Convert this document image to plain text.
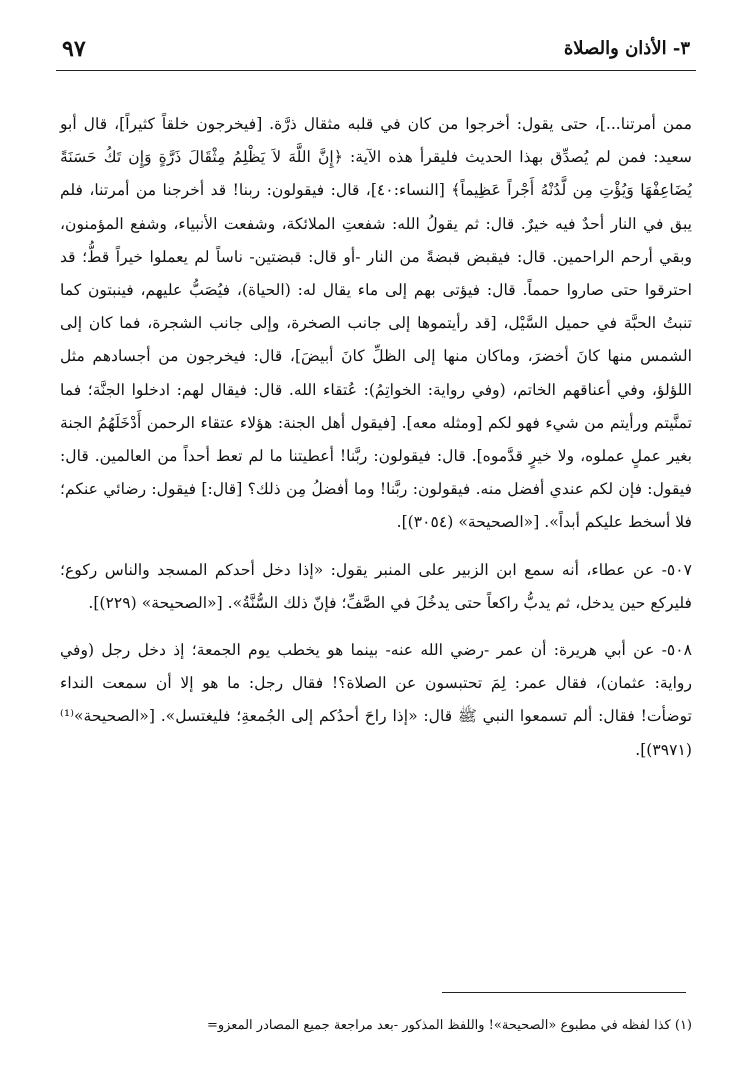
٩٧	٣- الأذان والصلاة

ممن أمرتنا...]، حتى يقول: أخرجوا من كان في قلبه مثقال ذرَّة. [فيخرجون خلقاً كثيراً]، قال أبو سعيد: فمن لم يُصدِّق بهذا الحديث فليقرأ هذه الآية: ﴿إِنَّ اللَّهَ لاَ يَظْلِمُ مِثْقَالَ ذَرَّةٍ وَإِن تَكُ حَسَنَةً يُضَاعِفْهَا وَيُؤْتِ مِن لَّدُنْهُ أَجْراً عَظِيماً﴾ [النساء:٤٠]، قال: فيقولون: ربنا! قد أخرجنا من أمرتنا، فلم يبق في النار أحدٌ فيه خيرٌ. قال: ثم يقولُ الله: شفعتِ الملائكة، وشفعت الأنبياء، وشفع المؤمنون، وبقي أرحم الراحمين. قال: فيقبض قبضةً من النار -أو قال: قبضتين- ناساً لم يعملوا خيراً قطُّ؛ قد احترقوا حتى صاروا حمماً. قال: فيؤتى بهم إلى ماء يقال له: (الحياة)، فيُصَبُّ عليهم، فينبتون كما تنبتُ الحبَّة في حميل السَّيْل، [قد رأيتموها إلى جانب الصخرة، وإلى جانب الشجرة، فما كان إلى الشمس منها كانَ أخضرَ، وماكان منها إلى الظلِّ كانَ أبيضَ]، قال: فيخرجون من أجسادهم مثل اللؤلؤ، وفي أعناقهم الخاتم، (وفي رواية: الخواتِمُ): عُتقاء الله. قال: فيقال لهم: ادخلوا الجنَّة؛ فما تمنَّيتم ورأيتم من شيء فهو لكم [ومثله معه]. [فيقول أهل الجنة: هؤلاء عتقاء الرحمن أَدْخَلَهُمُ الجنة بغير عملٍ عملوه، ولا خيرٍ قدَّموه]. قال: فيقولون: ربَّنا! أعطيتنا ما لم تعط أحداً من العالمين. قال: فيقول: فإن لكم عندي أفضل منه. فيقولون: ربَّنا! وما أفضلُ مِن ذلك؟ [قال:] فيقول: رضائي عنكم؛ فلا أسخط عليكم أبداً». [«الصحيحة» (٣٠٥٤)].

٥٠٧- عن عطاء، أنه سمع ابن الزبير على المنبر يقول: «إذا دخل أحدكم المسجد والناس ركوع؛ فليركع حين يدخل، ثم يدبُّ راكعاً حتى يدخُلَ في الصَّفِّ؛ فإنّ ذلك السُّنَّةُ». [«الصحيحة» (٢٢٩)].

٥٠٨- عن أبي هريرة: أن عمر -رضي الله عنه- بينما هو يخطب يوم الجمعة؛ إذ دخل رجل (وفي رواية: عثمان)، فقال عمر: لِمَ تحتبسون عن الصلاة؟! فقال رجل: ما هو إلا أن سمعت النداء توضأت! فقال: ألم تسمعوا النبي ﷺ قال: «إذا راحَ أحدُكم إلى الجُمعةِ؛ فليغتسل». [«الصحيحة»⁽¹⁾ (٣٩٧١)].

(١) كذا لفظه في مطبوع «الصحيحة»! واللفظ المذكور -بعد مراجعة جميع المصادر المعزو=
